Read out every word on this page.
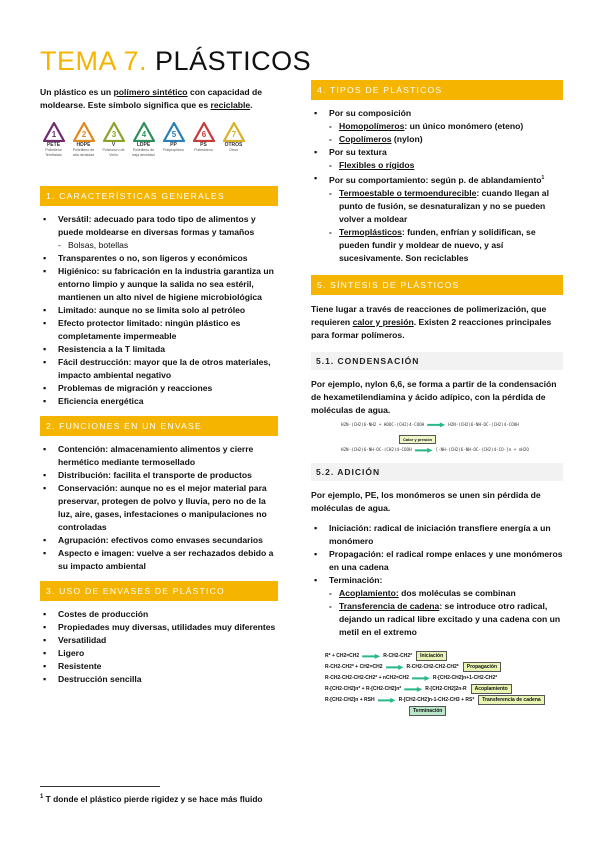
TEMA 7. PLÁSTICOS

Un plástico es un polímero sintético con capacidad de moldearse. Este símbolo significa que es reciclable.

1
PETE
Polietileno Tereftalato
2
HDPE
Polietileno de alta densidad
3
V
Policloruro de Vinilo
4
LDPE
Polietileno de baja densidad
5
PP
Polipropileno
6
PS
Poliestireno
7
OTROS
Otros
1. CARACTERÍSTICAS GENERALES
▪ Versátil: adecuado para todo tipo de alimentos y puede moldearse en diversas formas y tamaños
- Bolsas, botellas
▪ Transparentes o no, son ligeros y económicos
▪ Higiénico: su fabricación en la industria garantiza un entorno limpio y aunque la salida no sea estéril, mantienen un alto nivel de higiene microbiológica
▪ Limitado: aunque no se limita solo al petróleo
▪ Efecto protector limitado: ningún plástico es completamente impermeable
▪ Resistencia a la T limitada
▪ Fácil destrucción: mayor que la de otros materiales, impacto ambiental negativo
▪ Problemas de migración y reacciones
▪ Eficiencia energética
2. FUNCIONES EN UN ENVASE
▪ Contención: almacenamiento alimentos y cierre hermético mediante termosellado
▪ Distribución: facilita el transporte de productos
▪ Conservación: aunque no es el mejor material para preservar, protegen de polvo y lluvia, pero no de la luz, aire, gases, infestaciones o manipulaciones no controladas
▪ Agrupación: efectivos como envases secundarios
▪ Aspecto e imagen: vuelve a ser rechazados debido a su impacto ambiental
3. USO DE ENVASES DE PLÁSTICO
▪ Costes de producción
▪ Propiedades muy diversas, utilidades muy diferentes
▪ Versatilidad
▪ Ligero
▪ Resistente
▪ Destrucción sencilla
$^1$ T donde el plástico pierde rigidez y se hace más fluido
4. TIPOS DE PLÁSTICOS
▪ Por su composición
- Homopolímeros: un único monómero (eteno)
- Copolímeros (nylon)
▪ Por su textura
- Flexibles o rígidos
▪ Por su comportamiento: según p. de ablandamiento$^1$
- Termoestable o termoendurecible: cuando llegan al punto de fusión, se desnaturalizan y no se pueden volver a moldear
- Termoplásticos: funden, enfrían y solidifican, se pueden fundir y moldear de nuevo, y así sucesivamente. Son reciclables
5. SÍNTESIS DE PLÁSTICOS

Tiene lugar a través de reacciones de polimerización, que requieren calor y presión. Existen 2 reacciones principales para formar polímeros.

5.1. CONDENSACIÓN

Por ejemplo, nylon 6,6, se forma a partir de la condensación de hexametilendiamina y ácido adípico, con la pérdida de moléculas de agua.

H2N-(CH2)6-NH2 + HOOC-(CH2)4-COOH	H2N-(CH2)6-NH-OC-(CH2)4-COOH
Calor y presión
H2N-(CH2)6-NH-OC-(CH2)4-COOH	[-NH-(CH2)6-NH-OC-(CH2)4-CO-]n + nH2O
5.2. ADICIÓN

Por ejemplo, PE, los monómeros se unen sin pérdida de moléculas de agua.

▪ Iniciación: radical de iniciación transfiere energía a un monómero
▪ Propagación: el radical rompe enlaces y une monómeros en una cadena
▪ Terminación:
- Acoplamiento: dos moléculas se combinan
- Transferencia de cadena: se introduce otro radical, dejando un radical libre excitado y una cadena con un metil en el extremo
R* + CH2=CH2	R-CH2-CH2*	Iniciación
R-CH2-CH2* + CH2=CH2	R-CH2-CH2-CH2-CH2*	Propagación
R-CH2-CH2-CH2-CH2* + nCH2=CH2	R-[CH2-CH2]n+1-CH2-CH2*
R-[CH2-CH2]n* + R-[CH2-CH2]n*	R-[CH2-CH2]2n-R	Acoplamiento
R-[CH2-CH2]n + RSH	R-[CH2-CH2]n-1-CH2-CH3 + RS*	Transferencia de cadena
Terminación
